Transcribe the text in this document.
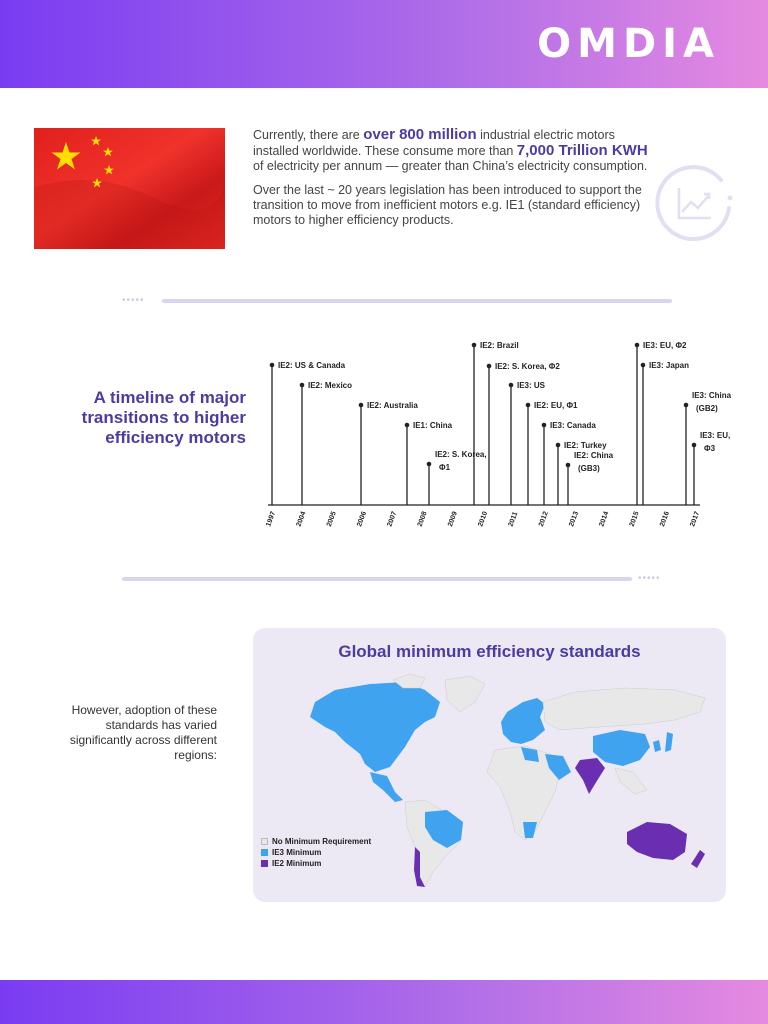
OMDIA

Currently, there are over 800 million industrial electric motors installed worldwide. These consume more than 7,000 Trillion KWH of electricity per annum — greater than China’s electricity consumption.

Over the last ~ 20 years legislation has been introduced to support the transition to move from inefficient motors e.g. IE1 (standard efficiency) motors to higher efficiency products.

•••••
A timeline of major transitions to higher efficiency motors
1997	2004	2005	2006	2007	2008	2009	2010	2011	2012	2013	2014	2015	2016	2017
IE2: US & Canada
IE2: Mexico
IE2: Australia
IE1: China
IE2: S. Korea,
Φ1
IE2: Brazil
IE2: S. Korea, Φ2
IE3: US
IE2: EU, Φ1
IE3: Canada
IE2: Turkey
IE2: China
(GB3)
IE3: EU, Φ2
IE3: Japan
IE3: China
(GB2)
IE3: EU,
Φ3
•••••
However, adoption of these standards has varied significantly across different regions:
Global minimum efficiency standards
No Minimum Requirement
IE3 Minimum
IE2 Minimum
